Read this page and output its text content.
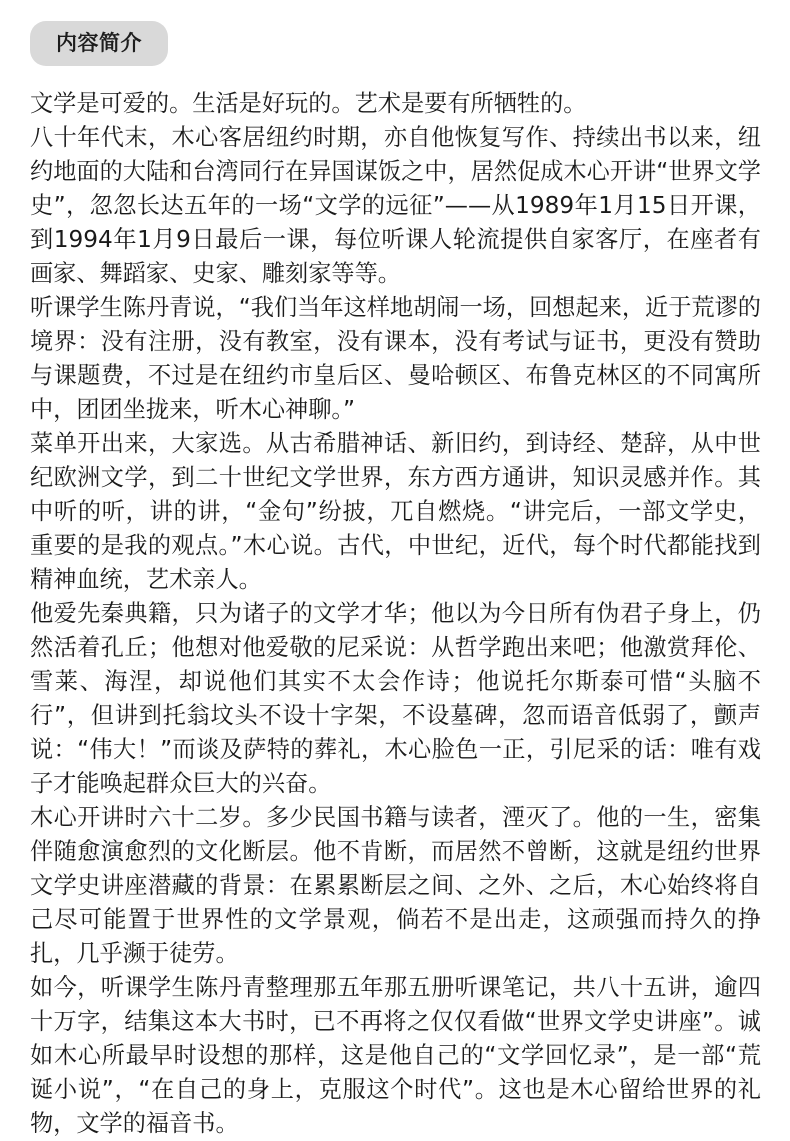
内容简介

文学是可爱的。生活是好玩的。艺术是要有所牺牲的。

八十年代末，木心客居纽约时期，亦自他恢复写作、持续出书以来，纽约地面的大陆和台湾同行在异国谋饭之中，居然促成木心开讲“世界文学史”，忽忽长达五年的一场“文学的远征”——从1989年1月15日开课，到1994年1月9日最后一课，每位听课人轮流提供自家客厅，在座者有画家、舞蹈家、史家、雕刻家等等。

听课学生陈丹青说，“我们当年这样地胡闹一场，回想起来，近于荒谬的境界：没有注册，没有教室，没有课本，没有考试与证书，更没有赞助与课题费，不过是在纽约市皇后区、曼哈顿区、布鲁克林区的不同寓所中，团团坐拢来，听木心神聊。”

菜单开出来，大家选。从古希腊神话、新旧约，到诗经、楚辞，从中世纪欧洲文学，到二十世纪文学世界，东方西方通讲，知识灵感并作。其中听的听，讲的讲，“金句”纷披，兀自燃烧。“讲完后，一部文学史，重要的是我的观点。”木心说。古代，中世纪，近代，每个时代都能找到精神血统，艺术亲人。

他爱先秦典籍，只为诸子的文学才华；他以为今日所有伪君子身上，仍然活着孔丘；他想对他爱敬的尼采说：从哲学跑出来吧；他激赏拜伦、雪莱、海涅，却说他们其实不太会作诗；他说托尔斯泰可惜“头脑不行”，但讲到托翁坟头不设十字架，不设墓碑，忽而语音低弱了，颤声说：“伟大！”而谈及萨特的葬礼，木心脸色一正，引尼采的话：唯有戏子才能唤起群众巨大的兴奋。

木心开讲时六十二岁。多少民国书籍与读者，湮灭了。他的一生，密集伴随愈演愈烈的文化断层。他不肯断，而居然不曾断，这就是纽约世界文学史讲座潜藏的背景：在累累断层之间、之外、之后，木心始终将自己尽可能置于世界性的文学景观，倘若不是出走，这顽强而持久的挣扎，几乎濒于徒劳。

如今，听课学生陈丹青整理那五年那五册听课笔记，共八十五讲，逾四十万字，结集这本大书时，已不再将之仅仅看做“世界文学史讲座”。诚如木心所最早时设想的那样，这是他自己的“文学回忆录”，是一部“荒诞小说”，“在自己的身上，克服这个时代”。这也是木心留给世界的礼物，文学的福音书。
